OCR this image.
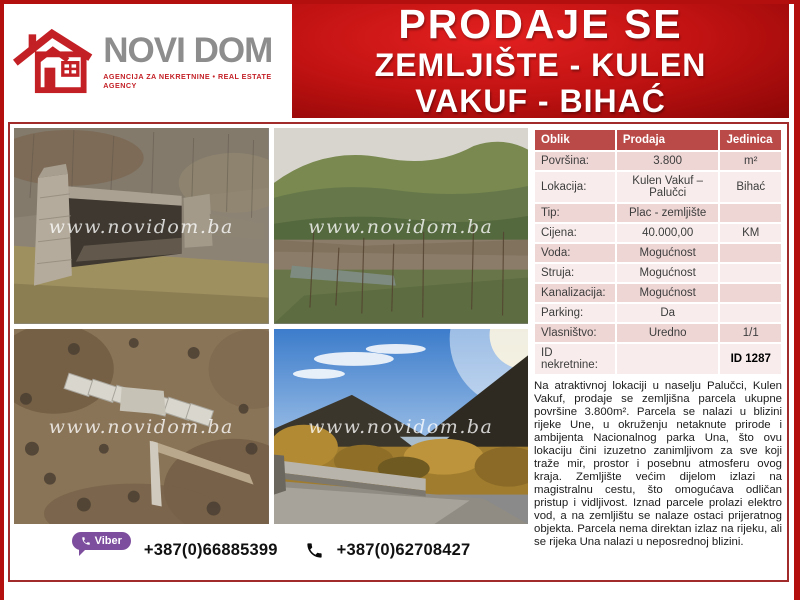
NOVI DOM
AGENCIJA ZA NEKRETNINE • REAL ESTATE AGENCY
PRODAJE SE
ZEMLJIŠTE - KULEN
VAKUF - BIHAĆ
www.novidom.ba	www.novidom.ba
www.novidom.ba	www.novidom.ba
Viber +387(0)66885399	+387(0)62708427
Oblik	Prodaja	Jedinica
Površina:	3.800	m²
Lokacija:	Kulen Vakuf – Palučci	Bihać
Tip:	Plac - zemljište	
Cijena:	40.000,00	KM
Voda:	Mogućnost	
Struja:	Mogućnost	
Kanalizacija:	Mogućnost	
Parking:	Da	
Vlasništvo:	Uredno	1/1
ID nekretnine:		ID 1287

Na atraktivnoj lokaciji u naselju Palučci, Kulen Vakuf, prodaje se zemljišna parcela ukupne površine 3.800m². Parcela se nalazi u blizini rijeke Une, u okruženju netaknute prirode i ambijenta Nacionalnog parka Una, što ovu lokaciju čini izuzetno zanimljivom za sve koji traže mir, prostor i posebnu atmosferu ovog kraja. Zemljište većim dijelom izlazi na magistralnu cestu, što omogućava odličan pristup i vidljivost. Iznad parcele prolazi elektro vod, a na zemljištu se nalaze ostaci prijeratnog objekta. Parcela nema direktan izlaz na rijeku, ali se rijeka Una nalazi u neposrednoj blizini.
